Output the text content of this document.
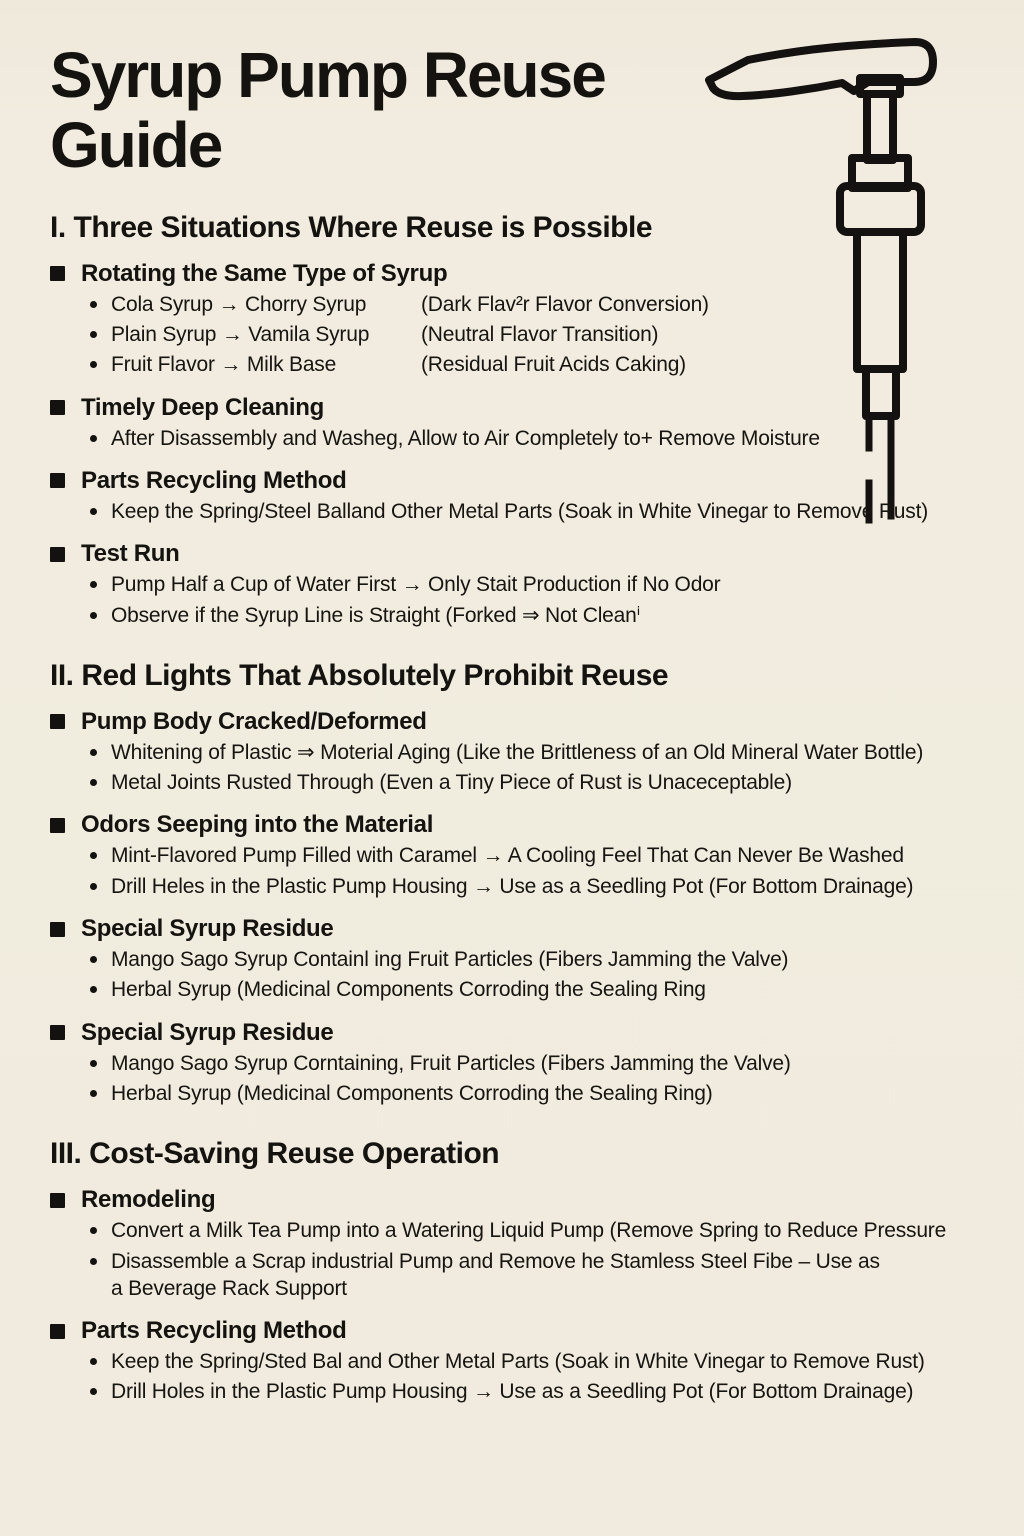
Syrup Pump Reuse Guide
I. Three Situations Where Reuse is Possible
Rotating the Same Type of Syrup
Cola Syrup → Chorry Syrup	(Dark Flav²r Flavor Conversion)
Plain Syrup → Vamila Syrup	(Neutral Flavor Transition)
Fruit Flavor → Milk Base	(Residual Fruit Acids Caking)
Timely Deep Cleaning
After Disassembly and Washeg, Allow to Air Completely to+ Remove Moisture
Parts Recycling Method
Keep the Spring/Steel Balland Other Metal Parts (Soak in White Vinegar to Remove Rust)
Test Run
Pump Half a Cup of Water First → Only Stait Production if No Odor
Observe if the Syrup Line is Straight (Forked ⇒ Not Cleanⁱ
II. Red Lights That Absolutely Prohibit Reuse
Pump Body Cracked/Deformed
Whitening of Plastic ⇒ Moterial Aging (Like the Brittleness of an Old Mineral Water Bottle)
Metal Joints Rusted Through (Even a Tiny Piece of Rust is Unaceceptable)
Odors Seeping into the Material
Mint-Flavored Pump Filled with Caramel → A Cooling Feel That Can Never Be Washed
Drill Heles in the Plastic Pump Housing → Use as a Seedling Pot (For Bottom Drainage)
Special Syrup Residue
Mango Sago Syrup Containl ing Fruit Particles (Fibers Jamming the Valve)
Herbal Syrup (Medicinal Components Corroding the Sealing Ring
Special Syrup Residue
Mango Sago Syrup Corntaining, Fruit Particles (Fibers Jamming the Valve)
Herbal Syrup (Medicinal Components Corroding the Sealing Ring)
III. Cost-Saving Reuse Operation
Remodeling
Convert a Milk Tea Pump into a Watering Liquid Pump (Remove Spring to Reduce Pressure
Disassemble a Scrap industrial Pump and Remove he Stamless Steel Fibe – Use as
a Beverage Rack Support
Parts Recycling Method
Keep the Spring/Sted Bal and Other Metal Parts (Soak in White Vinegar to Remove Rust)
Drill Holes in the Plastic Pump Housing → Use as a Seedling Pot (For Bottom Drainage)
